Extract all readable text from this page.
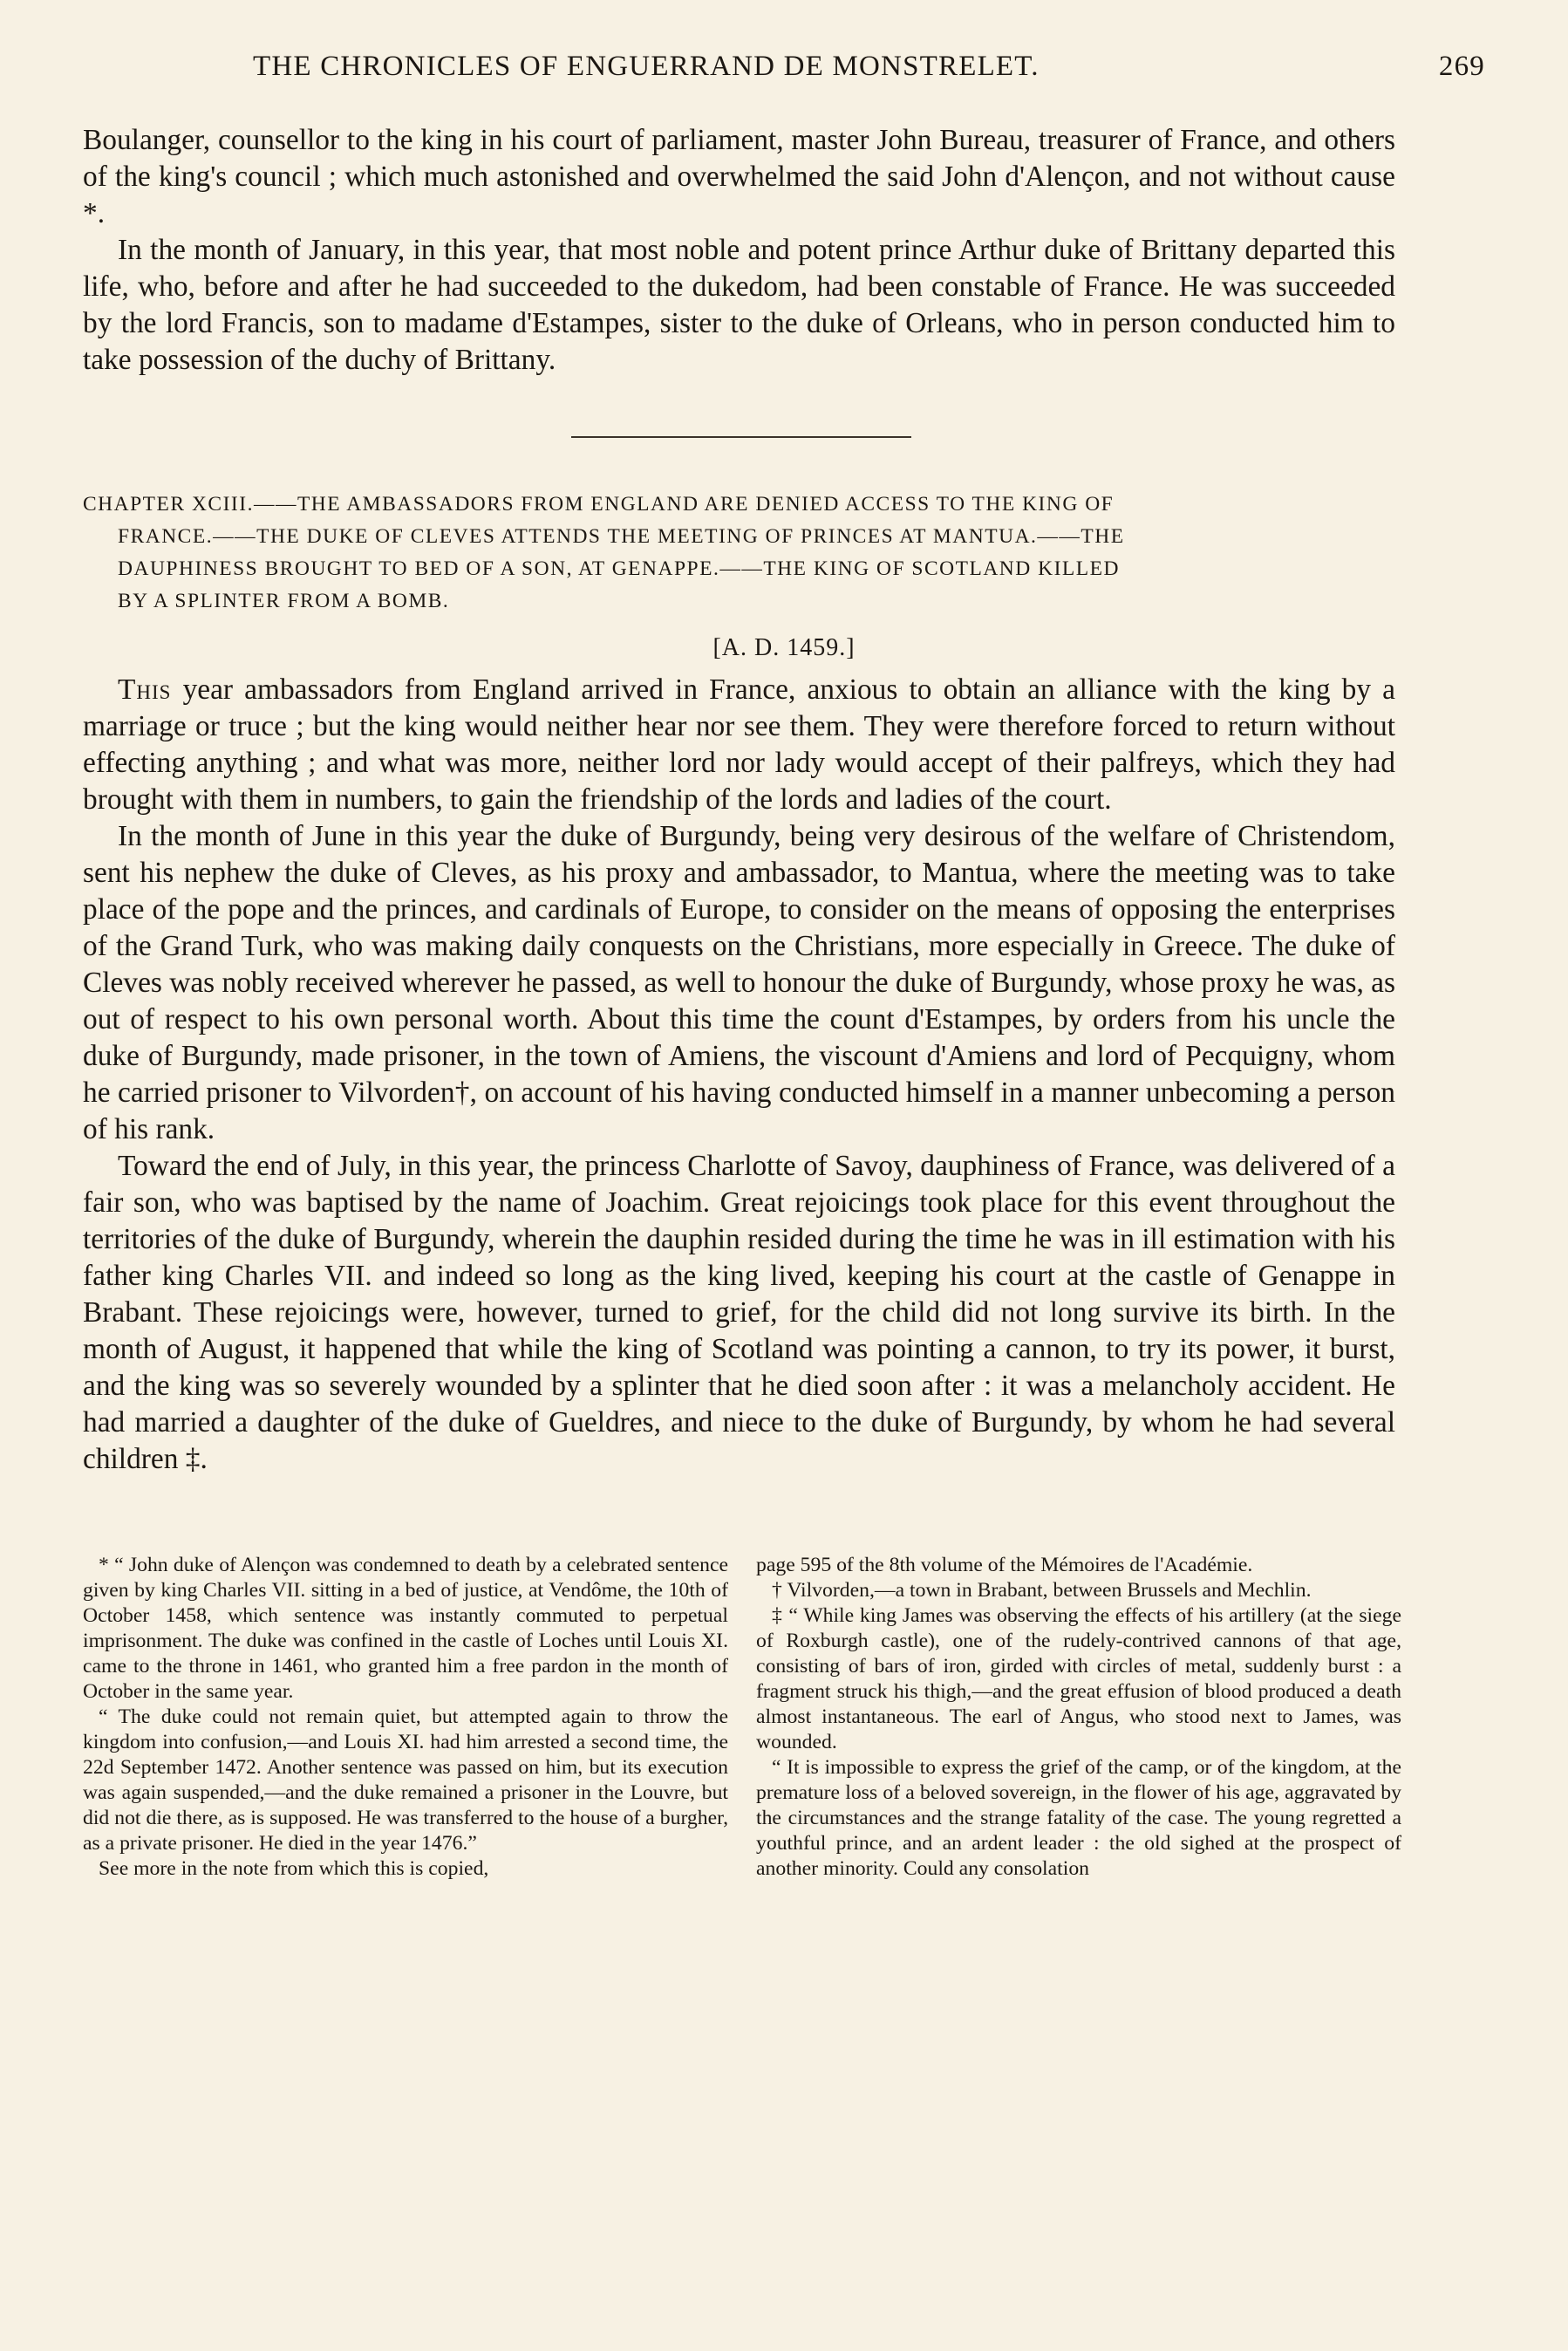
THE CHRONICLES OF ENGUERRAND DE MONSTRELET.	269

Boulanger, counsellor to the king in his court of parliament, master John Bureau, treasurer of France, and others of the king's council ; which much astonished and overwhelmed the said John d'Alençon, and not without cause *.

In the month of January, in this year, that most noble and potent prince Arthur duke of Brittany departed this life, who, before and after he had succeeded to the dukedom, had been constable of France. He was succeeded by the lord Francis, son to madame d'Estampes, sister to the duke of Orleans, who in person conducted him to take possession of the duchy of Brittany.

CHAPTER XCIII.——THE AMBASSADORS FROM ENGLAND ARE DENIED ACCESS TO THE KING OF
FRANCE.——THE DUKE OF CLEVES ATTENDS THE MEETING OF PRINCES AT MANTUA.——THE
DAUPHINESS BROUGHT TO BED OF A SON, AT GENAPPE.——THE KING OF SCOTLAND KILLED
BY A SPLINTER FROM A BOMB.
[A. D. 1459.]

This year ambassadors from England arrived in France, anxious to obtain an alliance with the king by a marriage or truce ; but the king would neither hear nor see them. They were therefore forced to return without effecting anything ; and what was more, neither lord nor lady would accept of their palfreys, which they had brought with them in numbers, to gain the friendship of the lords and ladies of the court.

In the month of June in this year the duke of Burgundy, being very desirous of the welfare of Christendom, sent his nephew the duke of Cleves, as his proxy and ambassador, to Mantua, where the meeting was to take place of the pope and the princes, and cardinals of Europe, to consider on the means of opposing the enterprises of the Grand Turk, who was making daily conquests on the Christians, more especially in Greece. The duke of Cleves was nobly received wherever he passed, as well to honour the duke of Burgundy, whose proxy he was, as out of respect to his own personal worth. About this time the count d'Estampes, by orders from his uncle the duke of Burgundy, made prisoner, in the town of Amiens, the viscount d'Amiens and lord of Pecquigny, whom he carried prisoner to Vilvorden†, on account of his having conducted himself in a manner unbecoming a person of his rank.

Toward the end of July, in this year, the princess Charlotte of Savoy, dauphiness of France, was delivered of a fair son, who was baptised by the name of Joachim. Great rejoicings took place for this event throughout the territories of the duke of Burgundy, wherein the dauphin resided during the time he was in ill estimation with his father king Charles VII. and indeed so long as the king lived, keeping his court at the castle of Genappe in Brabant. These rejoicings were, however, turned to grief, for the child did not long survive its birth. In the month of August, it happened that while the king of Scotland was pointing a cannon, to try its power, it burst, and the king was so severely wounded by a splinter that he died soon after : it was a melancholy accident. He had married a daughter of the duke of Gueldres, and niece to the duke of Burgundy, by whom he had several children ‡.

* “ John duke of Alençon was condemned to death by a celebrated sentence given by king Charles VII. sitting in a bed of justice, at Vendôme, the 10th of October 1458, which sentence was instantly commuted to perpetual imprisonment. The duke was confined in the castle of Loches until Louis XI. came to the throne in 1461, who granted him a free pardon in the month of October in the same year.

“ The duke could not remain quiet, but attempted again to throw the kingdom into confusion,—and Louis XI. had him arrested a second time, the 22d September 1472. Another sentence was passed on him, but its execution was again suspended,—and the duke remained a prisoner in the Louvre, but did not die there, as is supposed. He was transferred to the house of a burgher, as a private prisoner. He died in the year 1476.”

See more in the note from which this is copied,

page 595 of the 8th volume of the Mémoires de l'Académie.

† Vilvorden,—a town in Brabant, between Brussels and Mechlin.

‡ “ While king James was observing the effects of his artillery (at the siege of Roxburgh castle), one of the rudely-contrived cannons of that age, consisting of bars of iron, girded with circles of metal, suddenly burst : a fragment struck his thigh,—and the great effusion of blood produced a death almost instantaneous. The earl of Angus, who stood next to James, was wounded.

“ It is impossible to express the grief of the camp, or of the kingdom, at the premature loss of a beloved sovereign, in the flower of his age, aggravated by the circumstances and the strange fatality of the case. The young regretted a youthful prince, and an ardent leader : the old sighed at the prospect of another minority. Could any consolation
